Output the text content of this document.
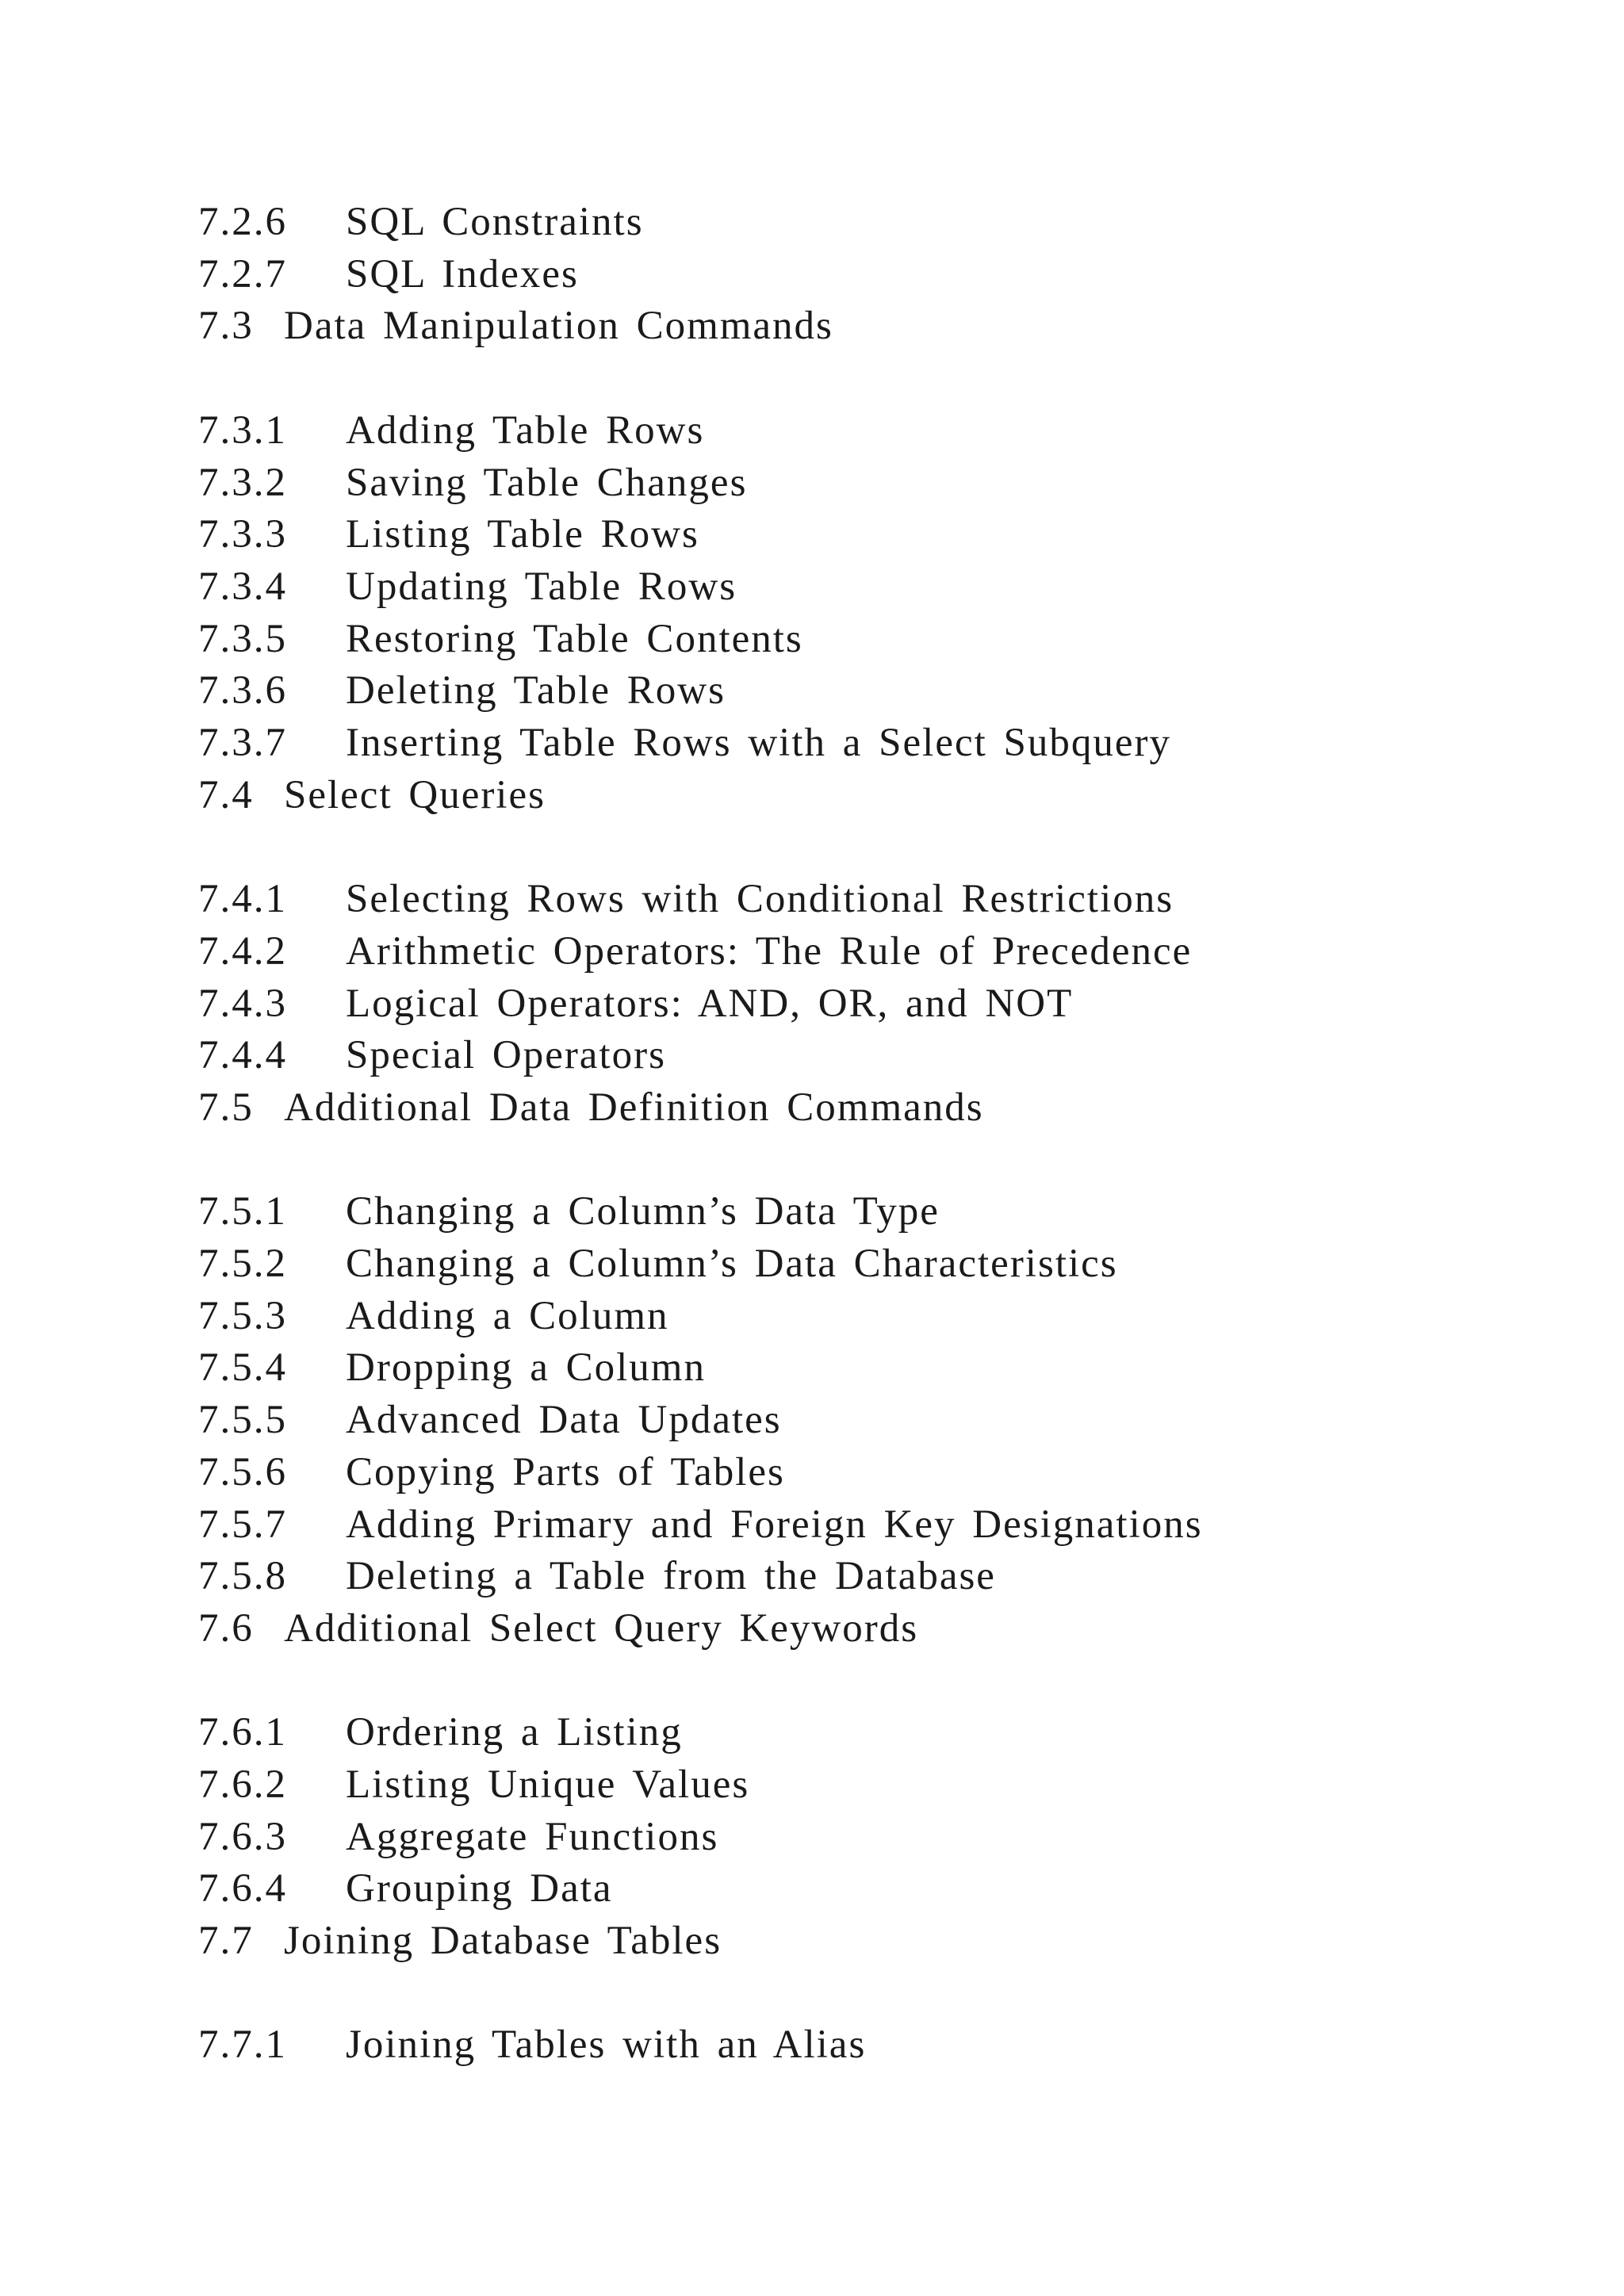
7.2.6 SQL Constraints
7.2.7 SQL Indexes
7.3 Data Manipulation Commands
7.3.1 Adding Table Rows
7.3.2 Saving Table Changes
7.3.3 Listing Table Rows
7.3.4 Updating Table Rows
7.3.5 Restoring Table Contents
7.3.6 Deleting Table Rows
7.3.7 Inserting Table Rows with a Select Subquery
7.4 Select Queries
7.4.1 Selecting Rows with Conditional Restrictions
7.4.2 Arithmetic Operators: The Rule of Precedence
7.4.3 Logical Operators: AND, OR, and NOT
7.4.4 Special Operators
7.5 Additional Data Definition Commands
7.5.1 Changing a Column’s Data Type
7.5.2 Changing a Column’s Data Characteristics
7.5.3 Adding a Column
7.5.4 Dropping a Column
7.5.5 Advanced Data Updates
7.5.6 Copying Parts of Tables
7.5.7 Adding Primary and Foreign Key Designations
7.5.8 Deleting a Table from the Database
7.6 Additional Select Query Keywords
7.6.1 Ordering a Listing
7.6.2 Listing Unique Values
7.6.3 Aggregate Functions
7.6.4 Grouping Data
7.7 Joining Database Tables
7.7.1 Joining Tables with an Alias
